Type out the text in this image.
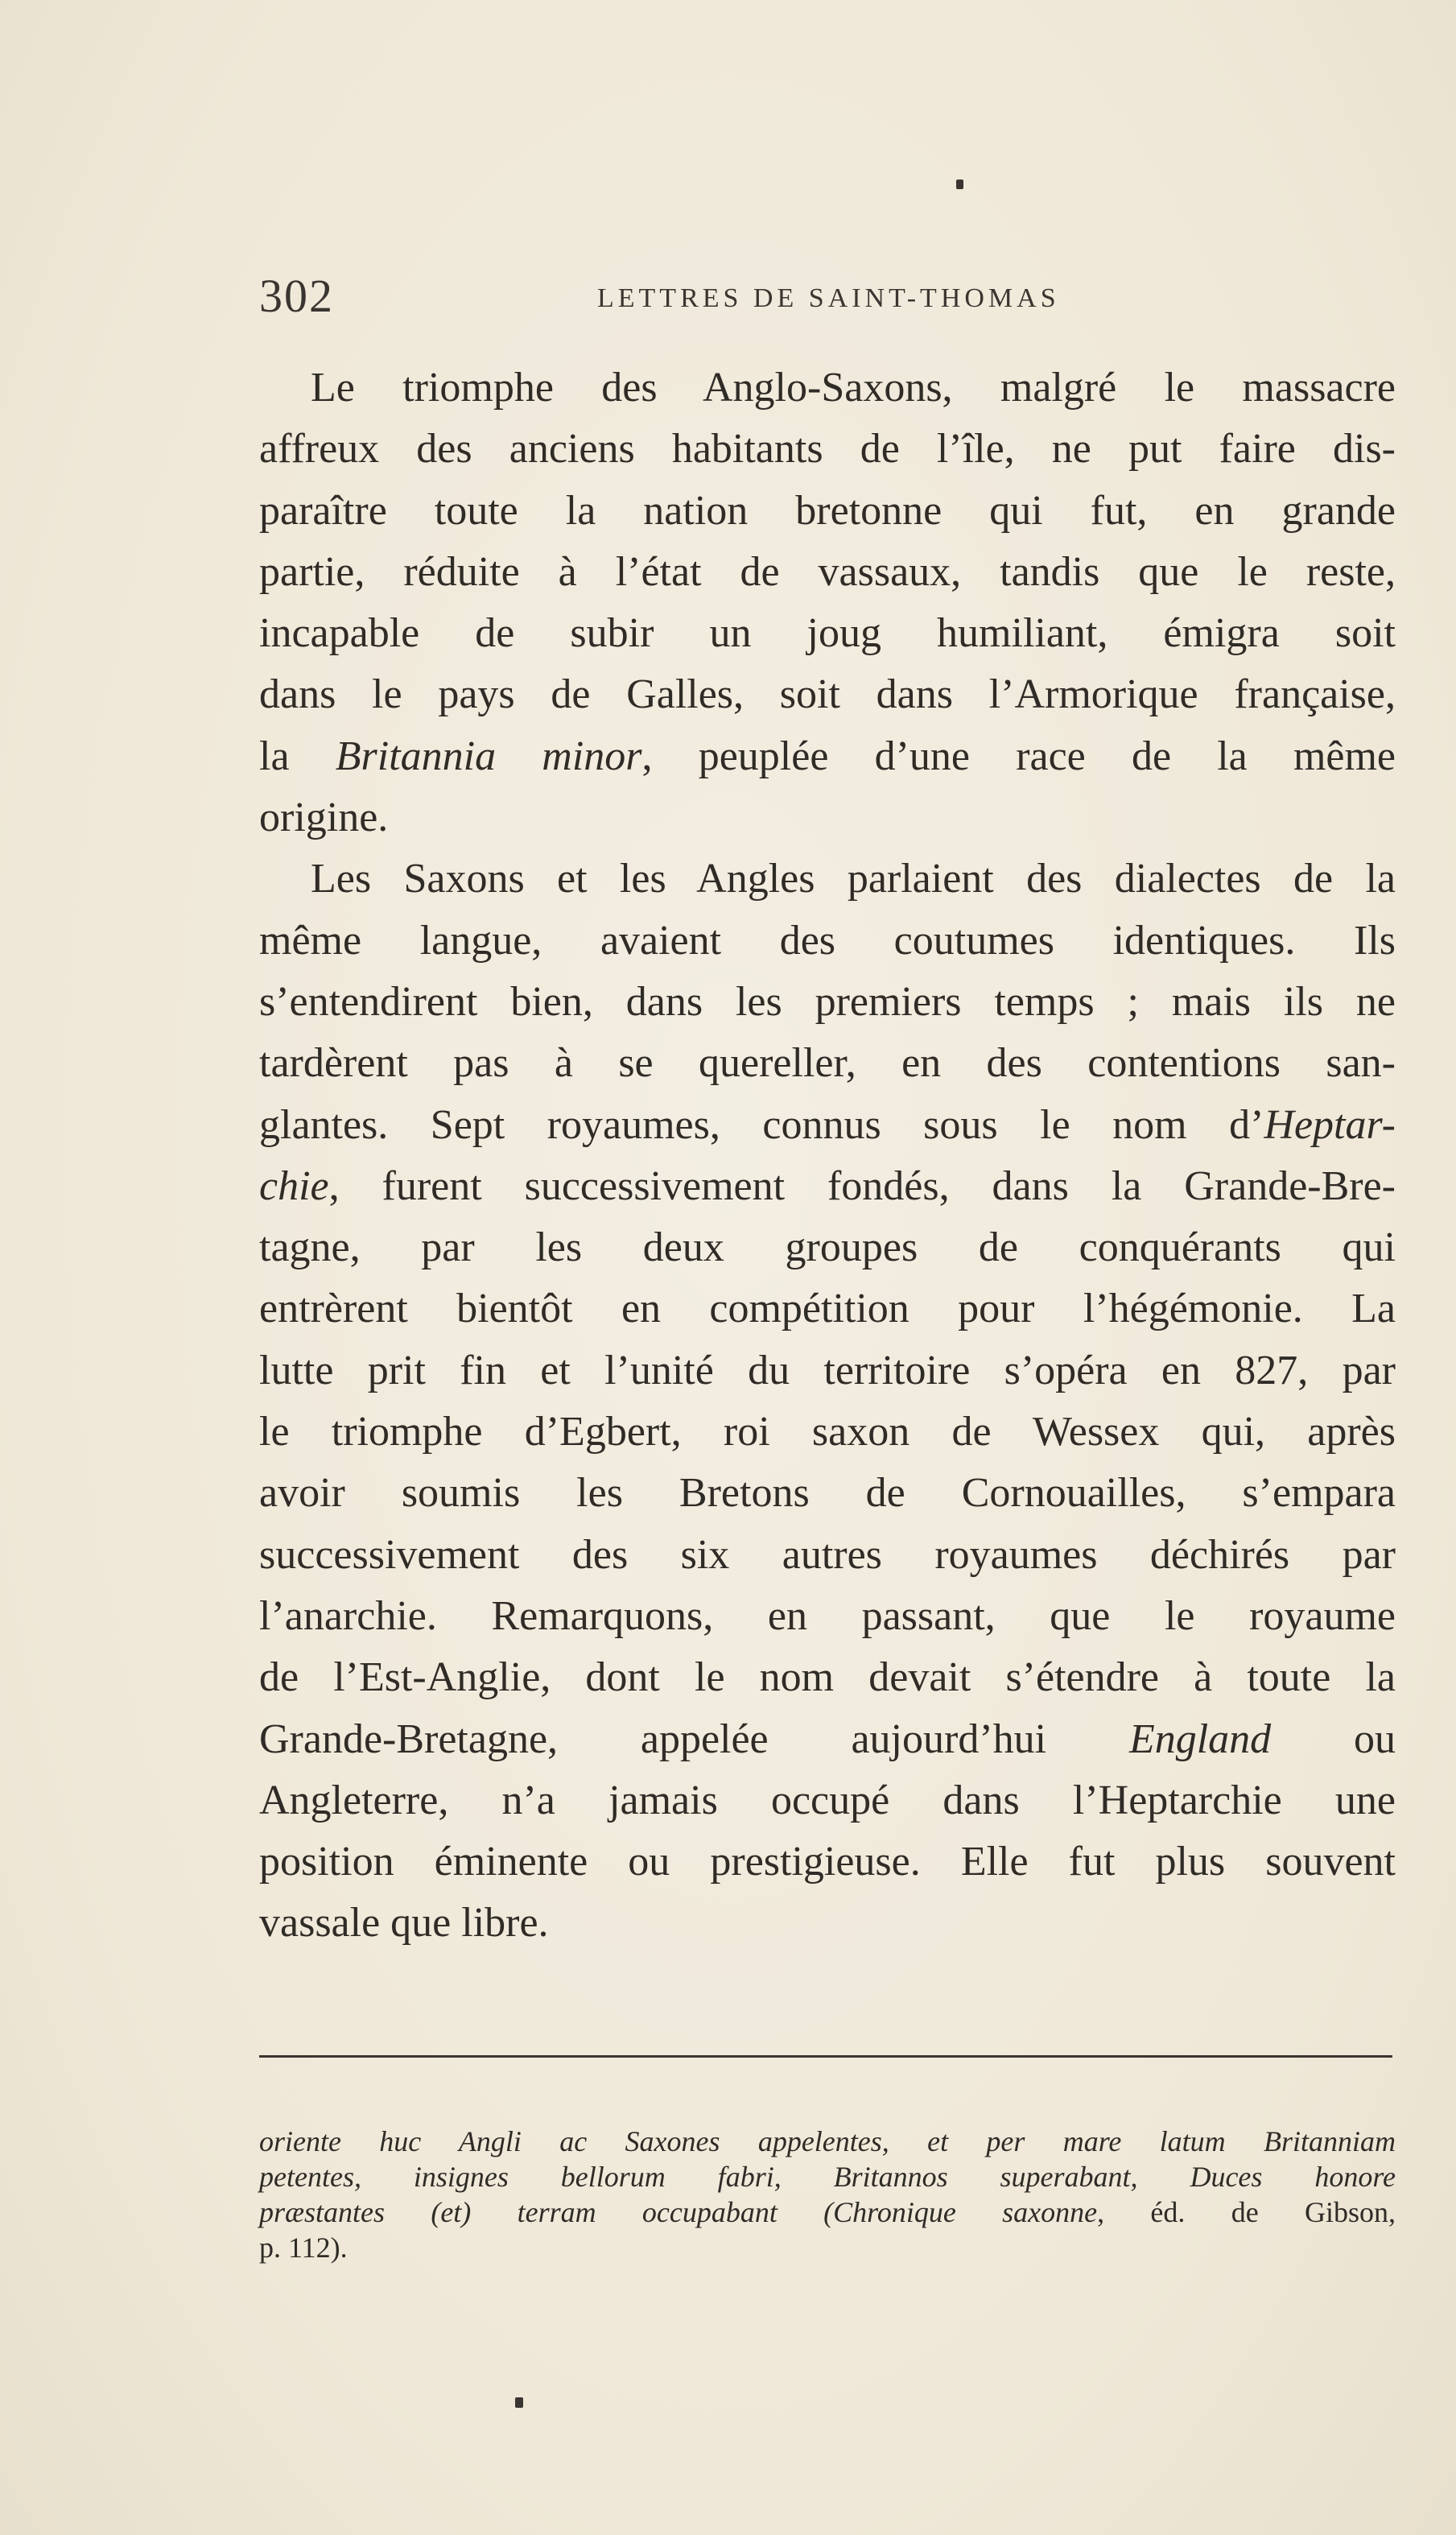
302	LETTRES DE SAINT-THOMAS
Le triomphe des Anglo-Saxons, malgré le massacre
affreux des anciens habitants de l’île, ne put faire dis-
paraître toute la nation bretonne qui fut, en grande
partie, réduite à l’état de vassaux, tandis que le reste,
incapable de subir un joug humiliant, émigra soit
dans le pays de Galles, soit dans l’Armorique française,
la Britannia minor, peuplée d’une race de la même
origine.
Les Saxons et les Angles parlaient des dialectes de la
même langue, avaient des coutumes identiques. Ils
s’entendirent bien, dans les premiers temps ; mais ils ne
tardèrent pas à se quereller, en des contentions san-
glantes. Sept royaumes, connus sous le nom d’Heptar-
chie, furent successivement fondés, dans la Grande-Bre-
tagne, par les deux groupes de conquérants qui
entrèrent bientôt en compétition pour l’hégémonie. La
lutte prit fin et l’unité du territoire s’opéra en 827, par
le triomphe d’Egbert, roi saxon de Wessex qui, après
avoir soumis les Bretons de Cornouailles, s’empara
successivement des six autres royaumes déchirés par
l’anarchie. Remarquons, en passant, que le royaume
de l’Est-Anglie, dont le nom devait s’étendre à toute la
Grande-Bretagne, appelée aujourd’hui England ou
Angleterre, n’a jamais occupé dans l’Heptarchie une
position éminente ou prestigieuse. Elle fut plus souvent
vassale que libre.
oriente huc Angli ac Saxones appelentes, et per mare latum Britanniam
petentes, insignes bellorum fabri, Britannos superabant, Duces honore
præstantes (et) terram occupabant (Chronique saxonne, éd. de Gibson,
p. 112).
